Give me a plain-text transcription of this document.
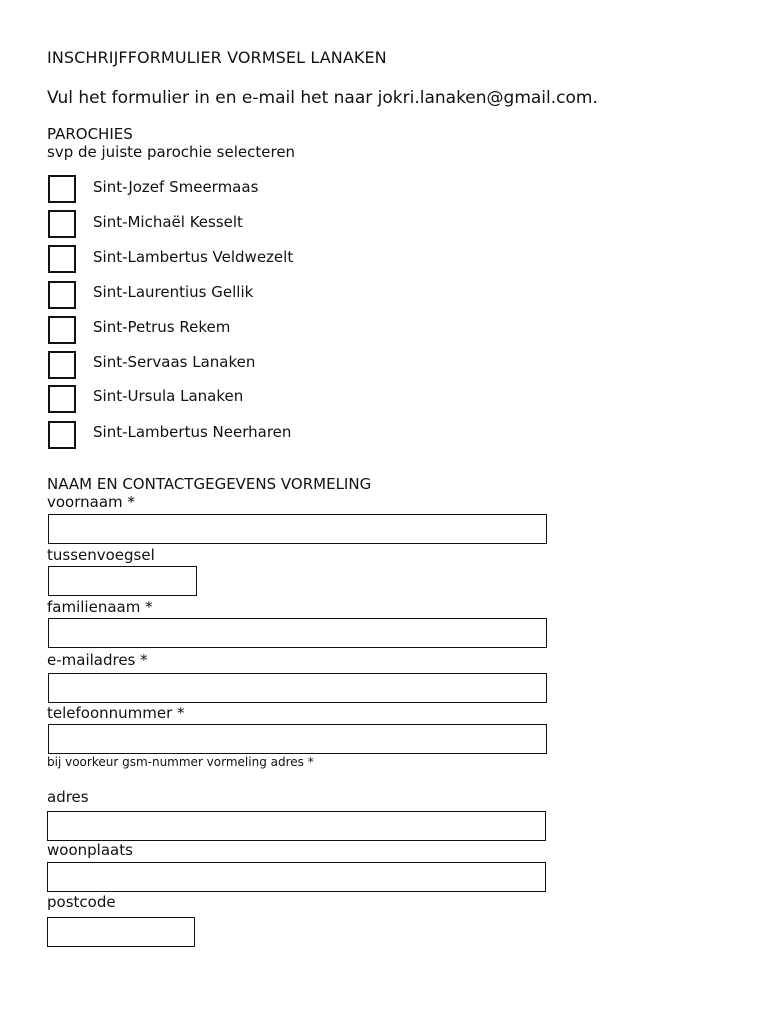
INSCHRIJFFORMULIER VORMSEL LANAKEN
Vul het formulier in en e-mail het naar jokri.lanaken@gmail.com.
PAROCHIES
svp de juiste parochie selecteren
Sint-Jozef Smeermaas
Sint-Michaël Kesselt
Sint-Lambertus Veldwezelt
Sint-Laurentius Gellik
Sint-Petrus Rekem
Sint-Servaas Lanaken
Sint-Ursula Lanaken
Sint-Lambertus Neerharen
NAAM EN CONTACTGEGEVENS VORMELING
voornaam *
tussenvoegsel
familienaam *
e-mailadres *
telefoonnummer *
bij voorkeur gsm-nummer vormeling adres *
adres
woonplaats
postcode
